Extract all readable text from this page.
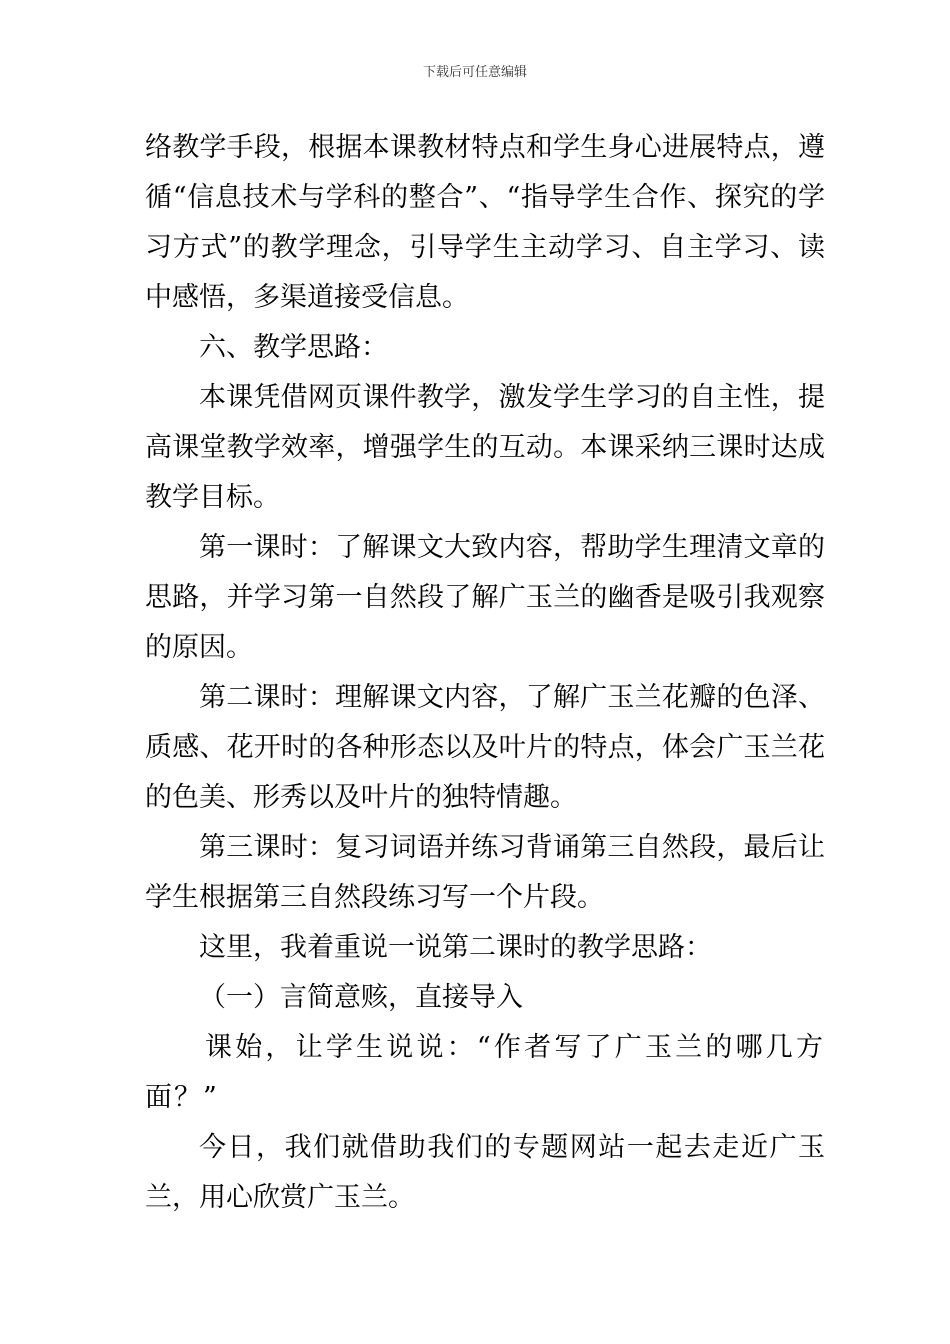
下载后可任意编辑

络教学手段，根据本课教材特点和学生身心进展特点，遵循“信息技术与学科的整合”、“指导学生合作、探究的学习方式”的教学理念，引导学生主动学习、自主学习、读中感悟，多渠道接受信息。

六、教学思路：

本课凭借网页课件教学，激发学生学习的自主性，提高课堂教学效率，增强学生的互动。本课采纳三课时达成教学目标。

第一课时：了解课文大致内容，帮助学生理清文章的思路，并学习第一自然段了解广玉兰的幽香是吸引我观察的原因。

第二课时：理解课文内容，了解广玉兰花瓣的色泽、质感、花开时的各种形态以及叶片的特点，体会广玉兰花的色美、形秀以及叶片的独特情趣。

第三课时：复习词语并练习背诵第三自然段，最后让学生根据第三自然段练习写一个片段。

这里，我着重说一说第二课时的教学思路：

（一）言简意赅，直接导入

课始，让学生说说：“作者写了广玉兰的哪几方面？”

今日，我们就借助我们的专题网站一起去走近广玉兰，用心欣赏广玉兰。
